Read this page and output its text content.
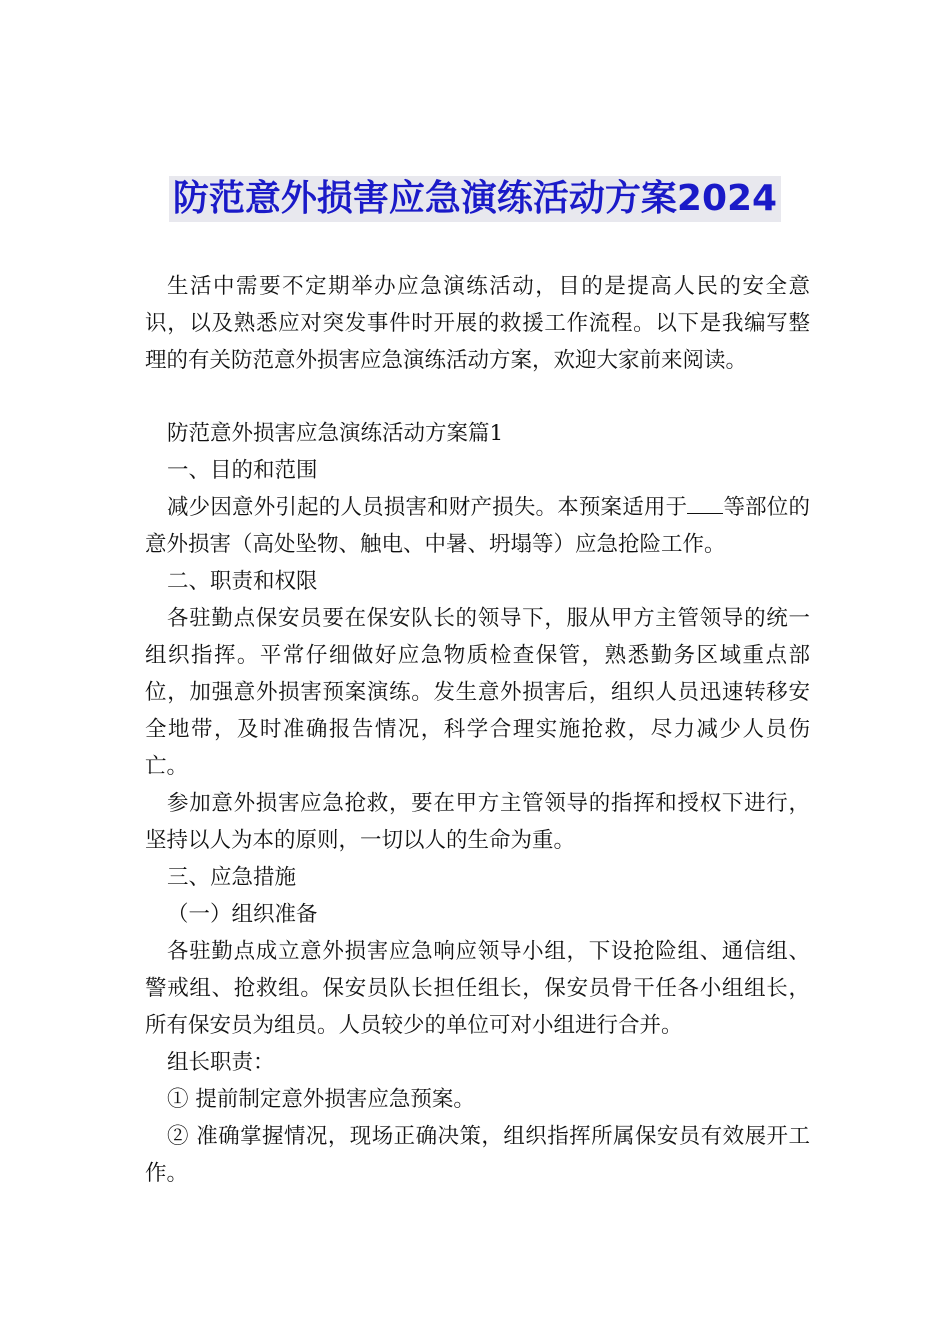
防范意外损害应急演练活动方案2024

生活中需要不定期举办应急演练活动，目的是提高人民的安全意识，以及熟悉应对突发事件时开展的救援工作流程。以下是我编写整理的有关防范意外损害应急演练活动方案，欢迎大家前来阅读。

防范意外损害应急演练活动方案篇1

一、目的和范围

减少因意外引起的人员损害和财产损失。本预案适用于 等部位的意外损害（高处坠物、触电、中暑、坍塌等）应急抢险工作。

二、职责和权限

各驻勤点保安员要在保安队长的领导下，服从甲方主管领导的统一组织指挥。平常仔细做好应急物质检查保管，熟悉勤务区域重点部位，加强意外损害预案演练。发生意外损害后，组织人员迅速转移安全地带，及时准确报告情况，科学合理实施抢救，尽力减少人员伤亡。

参加意外损害应急抢救，要在甲方主管领导的指挥和授权下进行，坚持以人为本的原则，一切以人的生命为重。

三、应急措施

（一）组织准备

各驻勤点成立意外损害应急响应领导小组，下设抢险组、通信组、警戒组、抢救组。保安员队长担任组长，保安员骨干任各小组组长，所有保安员为组员。人员较少的单位可对小组进行合并。

组长职责：

① 提前制定意外损害应急预案。

② 准确掌握情况，现场正确决策，组织指挥所属保安员有效展开工作。
